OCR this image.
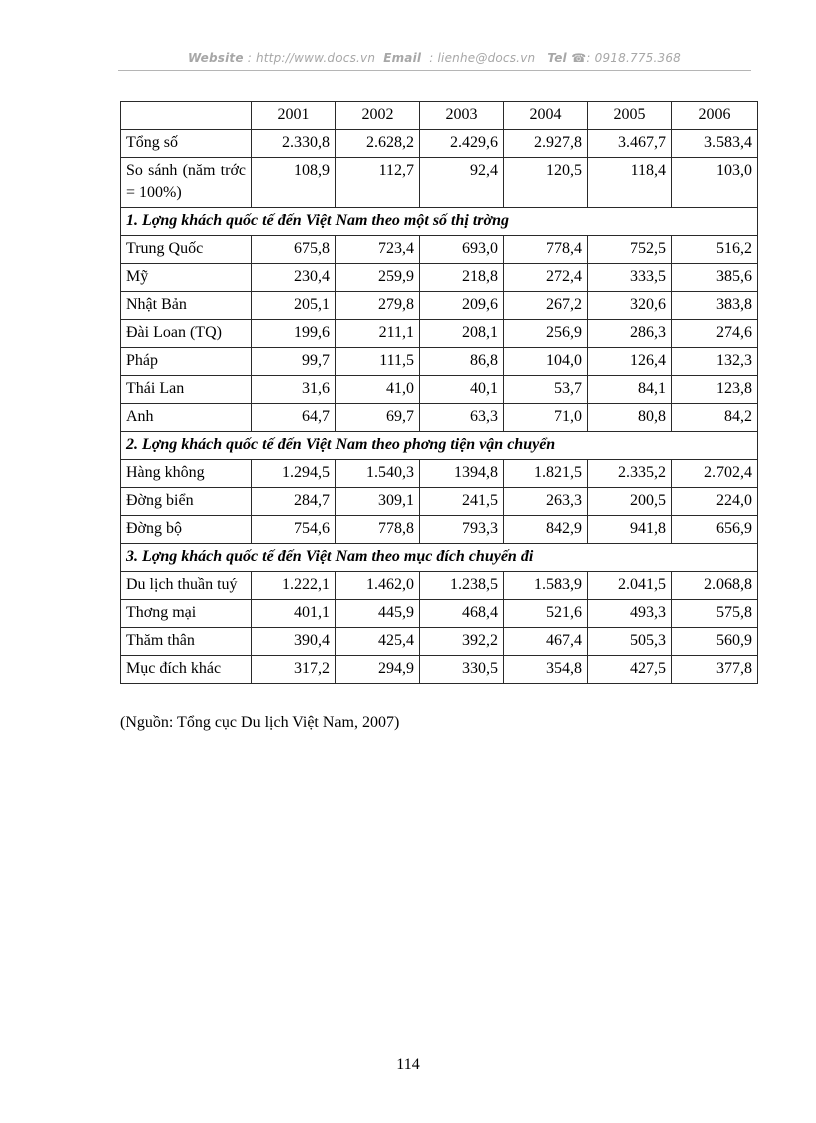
Website : http://www.docs.vn Email : lienhe@docs.vn Tel ☎: 0918.775.368
	2001	2002	2003	2004	2005	2006
Tổng số	2.330,8	2.628,2	2.429,6	2.927,8	3.467,7	3.583,4
So sánh (năm trớc = 100%)	108,9	112,7	92,4	120,5	118,4	103,0
1. Lợng khách quốc tế đến Việt Nam theo một số thị trờng						
Trung Quốc	675,8	723,4	693,0	778,4	752,5	516,2
Mỹ	230,4	259,9	218,8	272,4	333,5	385,6
Nhật Bản	205,1	279,8	209,6	267,2	320,6	383,8
Đài Loan (TQ)	199,6	211,1	208,1	256,9	286,3	274,6
Pháp	99,7	111,5	86,8	104,0	126,4	132,3
Thái Lan	31,6	41,0	40,1	53,7	84,1	123,8
Anh	64,7	69,7	63,3	71,0	80,8	84,2
2. Lợng khách quốc tế đến Việt Nam theo phơng tiện vận chuyển						
Hàng không	1.294,5	1.540,3	1394,8	1.821,5	2.335,2	2.702,4
Đờng biển	284,7	309,1	241,5	263,3	200,5	224,0
Đờng bộ	754,6	778,8	793,3	842,9	941,8	656,9
3. Lợng khách quốc tế đến Việt Nam theo mục đích chuyến đi						
Du lịch thuần tuý	1.222,1	1.462,0	1.238,5	1.583,9	2.041,5	2.068,8
Thơng mại	401,1	445,9	468,4	521,6	493,3	575,8
Thăm thân	390,4	425,4	392,2	467,4	505,3	560,9
Mục đích khác	317,2	294,9	330,5	354,8	427,5	377,8
(Nguồn: Tổng cục Du lịch Việt Nam, 2007)
114
